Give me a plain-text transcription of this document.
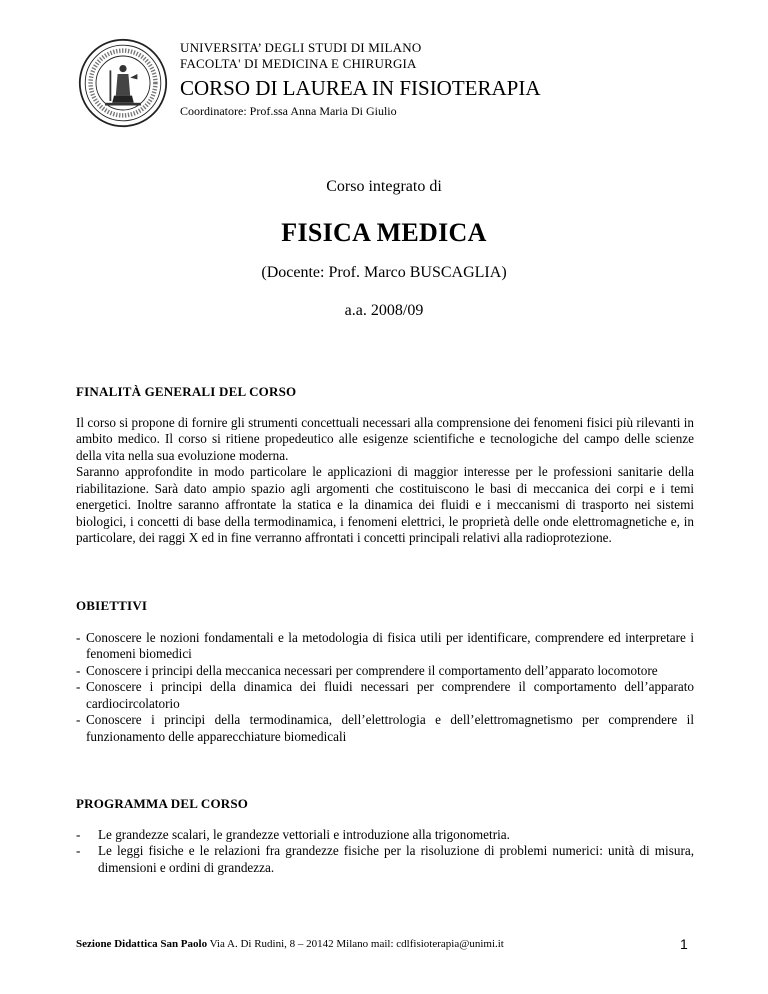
UNIVERSITA’ DEGLI STUDI DI MILANO
FACOLTA' DI MEDICINA E CHIRURGIA
CORSO DI LAUREA IN FISIOTERAPIA
Coordinatore: Prof.ssa Anna Maria Di Giulio
Corso integrato di
FISICA MEDICA
(Docente: Prof. Marco BUSCAGLIA)
a.a. 2008/09
FINALITÀ GENERALI DEL CORSO

Il corso si propone di fornire gli strumenti concettuali necessari alla comprensione dei fenomeni fisici più rilevanti in ambito medico. Il corso si ritiene propedeutico alle esigenze scientifiche e tecnologiche del campo delle scienze della vita nella sua evoluzione moderna.

Saranno approfondite in modo particolare le applicazioni di maggior interesse per le professioni sanitarie della riabilitazione. Sarà dato ampio spazio agli argomenti che costituiscono le basi di meccanica dei corpi e i temi energetici. Inoltre saranno affrontate la statica e la dinamica dei fluidi e i meccanismi di trasporto nei sistemi biologici, i concetti di base della termodinamica, i fenomeni elettrici, le proprietà delle onde elettromagnetiche e, in particolare, dei raggi X ed in fine verranno affrontati i concetti principali relativi alla radioprotezione.

OBIETTIVI
- Conoscere le nozioni fondamentali e la metodologia di fisica utili per identificare, comprendere ed interpretare i fenomeni biomedici
- Conoscere i principi della meccanica necessari per comprendere il comportamento dell’apparato locomotore
- Conoscere i principi della dinamica dei fluidi necessari per comprendere il comportamento dell’apparato cardiocircolatorio
- Conoscere i principi della termodinamica, dell’elettrologia e dell’elettromagnetismo per comprendere il funzionamento delle apparecchiature biomedicali
PROGRAMMA DEL CORSO
- Le grandezze scalari, le grandezze vettoriali e introduzione alla trigonometria.
- Le leggi fisiche e le relazioni fra grandezze fisiche per la risoluzione di problemi numerici: unità di misura, dimensioni e ordini di grandezza.
Sezione Didattica San Paolo Via A. Di Rudini, 8 – 20142 Milano mail: cdlfisioterapia@unimi.it	1
